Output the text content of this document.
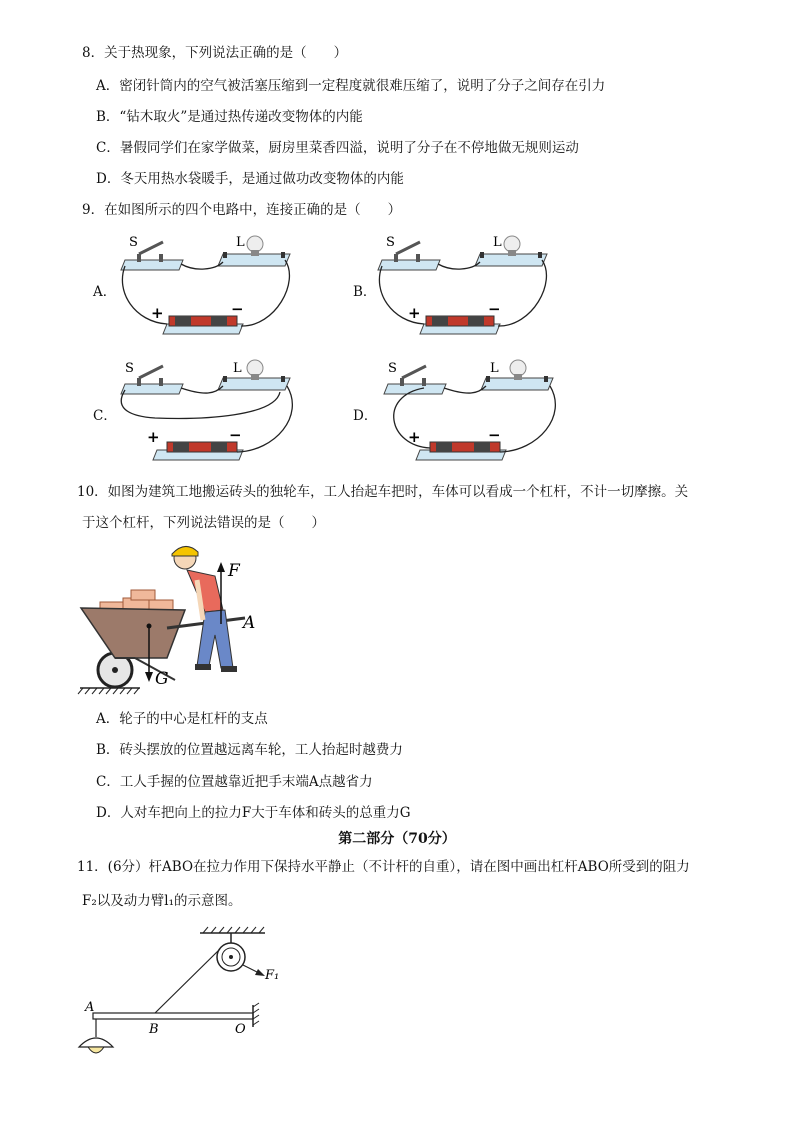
8．关于热现象，下列说法正确的是（　　）
A．密闭针筒内的空气被活塞压缩到一定程度就很难压缩了，说明了分子之间存在引力
B．“钻木取火”是通过热传递改变物体的内能
C．暑假同学们在家学做菜，厨房里菜香四溢，说明了分子在不停地做无规则运动
D．冬天用热水袋暖手，是通过做功改变物体的内能
9．在如图所示的四个电路中，连接正确的是（　　）
A．
S	L
+	−
B．
S	L
+	−
C．
S	L
+	−
D．
S	L
+	−
10．如图为建筑工地搬运砖头的独轮车，工人抬起车把时，车体可以看成一个杠杆，不计一切摩擦。关
于这个杠杆，下列说法错误的是（　　）
F
A
G
A．轮子的中心是杠杆的支点
B．砖头摆放的位置越远离车轮，工人抬起时越费力
C．工人手握的位置越靠近把手末端A点越省力
D．人对车把向上的拉力F大于车体和砖头的总重力G
第二部分（70分）
11．(6分）杆ABO在拉力作用下保持水平静止（不计杆的自重），请在图中画出杠杆ABO所受到的阻力
F₂以及动力臂l₁的示意图。
F₁
A
B	O
